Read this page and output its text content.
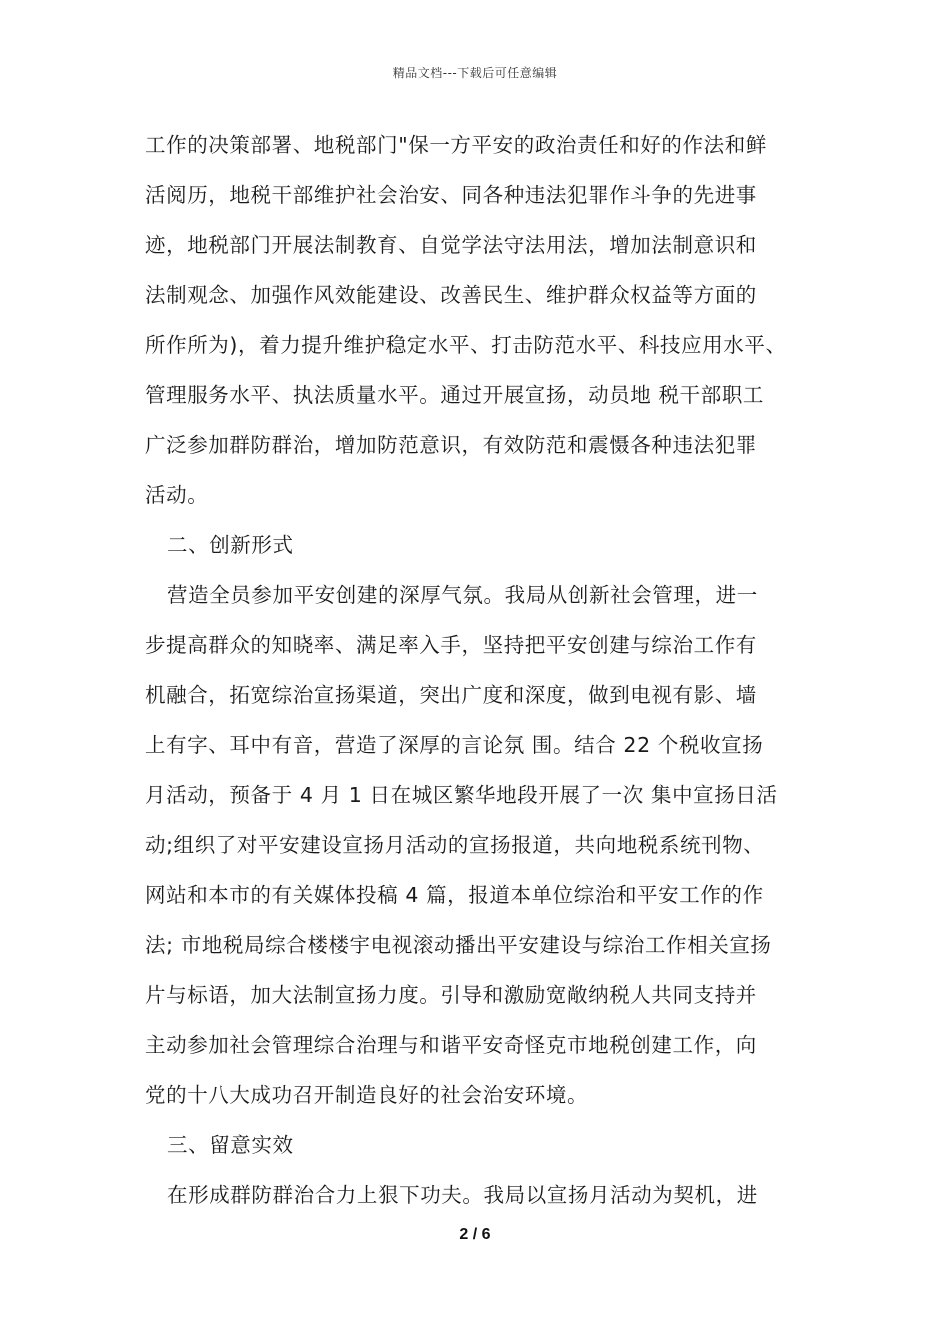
精品文档---下载后可任意编辑
工作的决策部署、地税部门"保一方平安的政治责任和好的作法和鲜
活阅历，地税干部维护社会治安、同各种违法犯罪作斗争的先进事
迹，地税部门开展法制教育、自觉学法守法用法，增加法制意识和
法制观念、加强作风效能建设、改善民生、维护群众权益等方面的
所作所为)，着力提升维护稳定水平、打击防范水平、科技应用水平、
管理服务水平、执法质量水平。通过开展宣扬，动员地 税干部职工
广泛参加群防群治，增加防范意识，有效防范和震慑各种违法犯罪
活动。
二、创新形式
营造全员参加平安创建的深厚气氛。我局从创新社会管理，进一
步提高群众的知晓率、满足率入手，坚持把平安创建与综治工作有
机融合，拓宽综治宣扬渠道，突出广度和深度，做到电视有影、墙
上有字、耳中有音，营造了深厚的言论氛 围。结合 22 个税收宣扬
月活动，预备于 4 月 1 日在城区繁华地段开展了一次 集中宣扬日活
动;组织了对平安建设宣扬月活动的宣扬报道，共向地税系统刊物、
网站和本市的有关媒体投稿 4 篇，报道本单位综治和平安工作的作
法; 市地税局综合楼楼宇电视滚动播出平安建设与综治工作相关宣扬
片与标语，加大法制宣扬力度。引导和激励宽敞纳税人共同支持并
主动参加社会管理综合治理与和谐平安奇怪克市地税创建工作，向
党的十八大成功召开制造良好的社会治安环境。
三、留意实效
在形成群防群治合力上狠下功夫。我局以宣扬月活动为契机，进
2 / 6
